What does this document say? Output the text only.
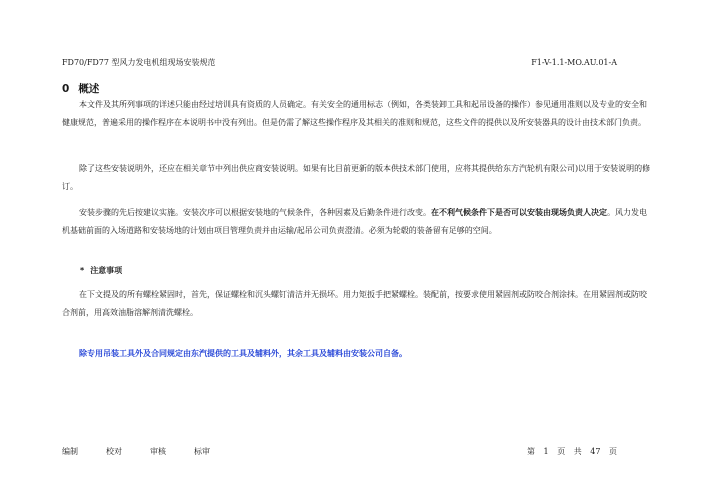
FD70/FD77 型风力发电机组现场安装规范	F1-V-1.1-MO.AU.01-A
0 概述

本文件及其所列事项的详述只能由经过培训具有资质的人员确定。有关安全的通用标志（例如，各类装卸工具和起吊设备的操作）参见通用准则以及专业的安全和健康规范，普遍采用的操作程序在本说明书中没有列出。但是仍需了解这些操作程序及其相关的准则和规范，这些文件的提供以及所安装器具的设计由技术部门负责。

除了这些安装说明外，还应在相关章节中列出供应商安装说明。如果有比目前更新的版本供技术部门使用，应将其提供给东方汽轮机有限公司)以用于安装说明的修订。

安装步骤的先后按建议实施。安装次序可以根据安装地的气候条件，各种因素及后勤条件进行改变。在不利气候条件下是否可以安装由现场负责人决定。风力发电机基础前面的入场道路和安装场地的计划由项目管理负责并由运输/起吊公司负责澄清。必须为轮毂的装备留有足够的空间。

* 注意事项

在下文提及的所有螺栓紧固时，首先，保证螺栓和沉头螺钉清洁并无损坏。用力矩扳手把紧螺栓。装配前，按要求使用紧固剂或防咬合剂涂抹。在用紧固剂或防咬合剂前，用高效油脂溶解剂清洗螺栓。

除专用吊装工具外及合同规定由东汽提供的工具及辅料外，其余工具及辅料由安装公司自备。
编制	校对	审核	标审	第 1 页 共 47 页
